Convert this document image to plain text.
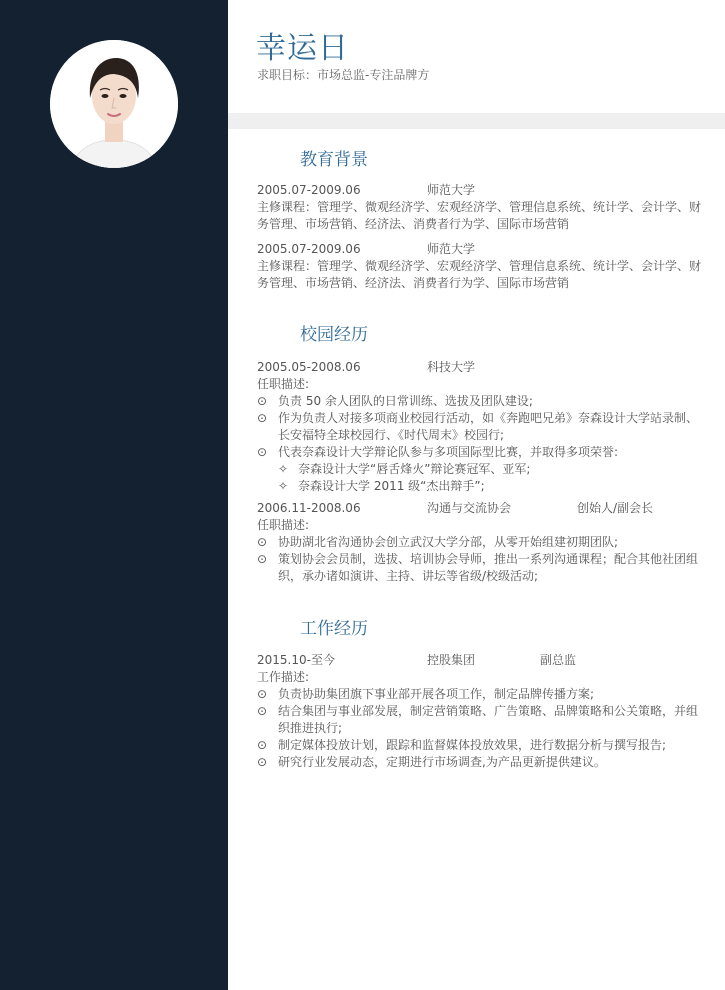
幸运日
求职目标：市场总监-专注品牌方
教育背景
2005.07-2009.06	师范大学

主修课程：管理学、微观经济学、宏观经济学、管理信息系统、统计学、会计学、财务管理、市场营销、经济法、消费者行为学、国际市场营销

2005.07-2009.06	师范大学

主修课程：管理学、微观经济学、宏观经济学、管理信息系统、统计学、会计学、财务管理、市场营销、经济法、消费者行为学、国际市场营销

校园经历
2005.05-2008.06	科技大学
任职描述:
⊙ 负责 50 余人团队的日常训练、选拔及团队建设;
⊙ 作为负责人对接多项商业校园行活动，如《奔跑吧兄弟》奈森设计大学站录制、长安福特全球校园行、《时代周末》校园行;
⊙ 代表奈森设计大学辩论队参与多项国际型比赛，并取得多项荣誉:
✧ 奈森设计大学“唇舌烽火”辩论赛冠军、亚军;
✧ 奈森设计大学 2011 级“杰出辩手”;
2006.11-2008.06	沟通与交流协会	创始人/副会长
任职描述:
⊙ 协助湖北省沟通协会创立武汉大学分部，从零开始组建初期团队;
⊙ 策划协会会员制，选拔、培训协会导师，推出一系列沟通课程；配合其他社团组织，承办诸如演讲、主持、讲坛等省级/校级活动;
工作经历
2015.10-至今	控股集团	副总监
工作描述:
⊙ 负责协助集团旗下事业部开展各项工作，制定品牌传播方案;
⊙ 结合集团与事业部发展，制定营销策略、广告策略、品牌策略和公关策略，并组织推进执行;
⊙ 制定媒体投放计划，跟踪和监督媒体投放效果，进行数据分析与撰写报告;
⊙ 研究行业发展动态，定期进行市场调查,为产品更新提供建议。
